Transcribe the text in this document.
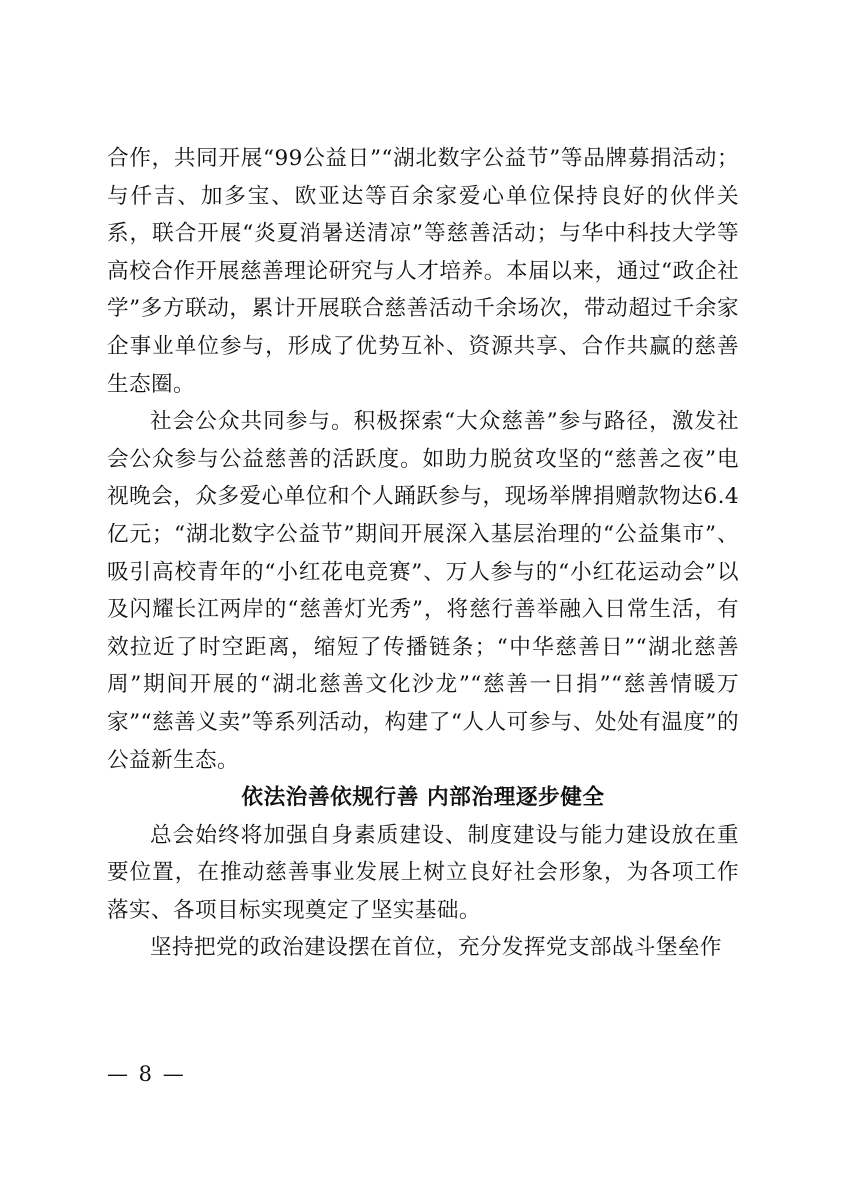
合作，共同开展“99公益日”“湖北数字公益节”等品牌募捐活动；与仟吉、加多宝、欧亚达等百余家爱心单位保持良好的伙伴关系，联合开展“炎夏消暑送清凉”等慈善活动；与华中科技大学等高校合作开展慈善理论研究与人才培养。本届以来，通过“政企社学”多方联动，累计开展联合慈善活动千余场次，带动超过千余家企事业单位参与，形成了优势互补、资源共享、合作共赢的慈善生态圈。

社会公众共同参与。积极探索“大众慈善”参与路径，激发社会公众参与公益慈善的活跃度。如助力脱贫攻坚的“慈善之夜”电视晚会，众多爱心单位和个人踊跃参与，现场举牌捐赠款物达6.4亿元；“湖北数字公益节”期间开展深入基层治理的“公益集市”、吸引高校青年的“小红花电竞赛”、万人参与的“小红花运动会”以及闪耀长江两岸的“慈善灯光秀”，将慈行善举融入日常生活，有效拉近了时空距离，缩短了传播链条；“中华慈善日”“湖北慈善周”期间开展的“湖北慈善文化沙龙”“慈善一日捐”“慈善情暖万家”“慈善义卖”等系列活动，构建了“人人可参与、处处有温度”的公益新生态。

依法治善依规行善 内部治理逐步健全

总会始终将加强自身素质建设、制度建设与能力建设放在重要位置，在推动慈善事业发展上树立良好社会形象，为各项工作落实、各项目标实现奠定了坚实基础。

坚持把党的政治建设摆在首位，充分发挥党支部战斗堡垒作

— 8 —
